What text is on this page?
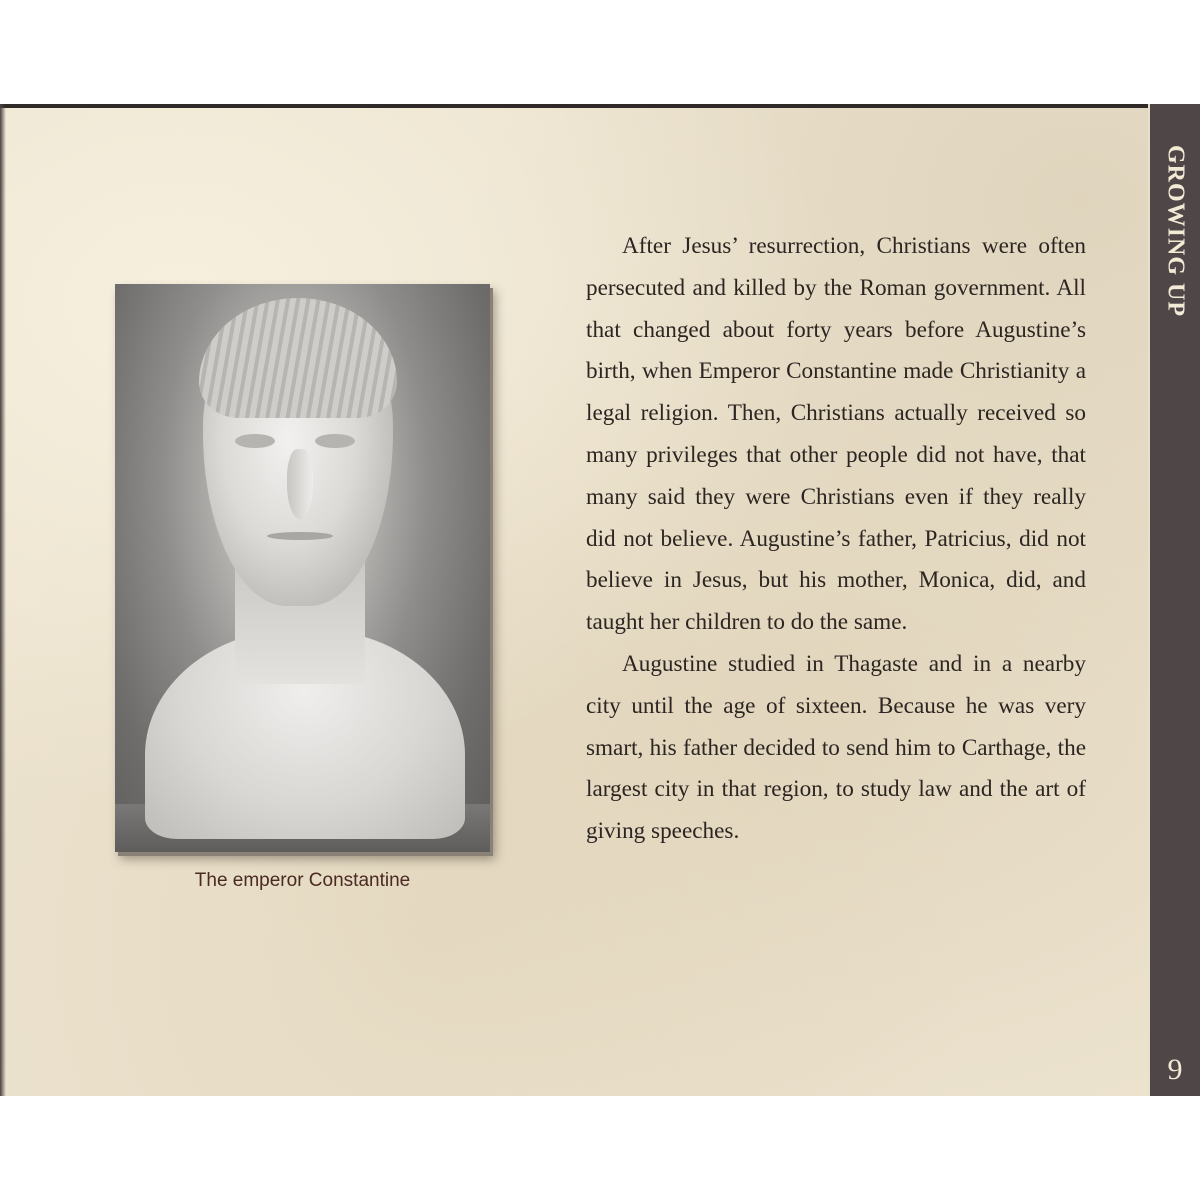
GROWING UP
9
The emperor Constantine

After Jesus’ resurrection, Christians were often persecuted and killed by the Roman government. All that changed about forty years before Augustine’s birth, when Emperor Constantine made Christianity a legal religion. Then, Christians actually received so many privileges that other people did not have, that many said they were Christians even if they really did not believe. Augustine’s father, Patricius, did not believe in Jesus, but his mother, Monica, did, and taught her children to do the same.

Augustine studied in Thagaste and in a nearby city until the age of sixteen. Because he was very smart, his father decided to send him to Carthage, the largest city in that region, to study law and the art of giving speeches.
